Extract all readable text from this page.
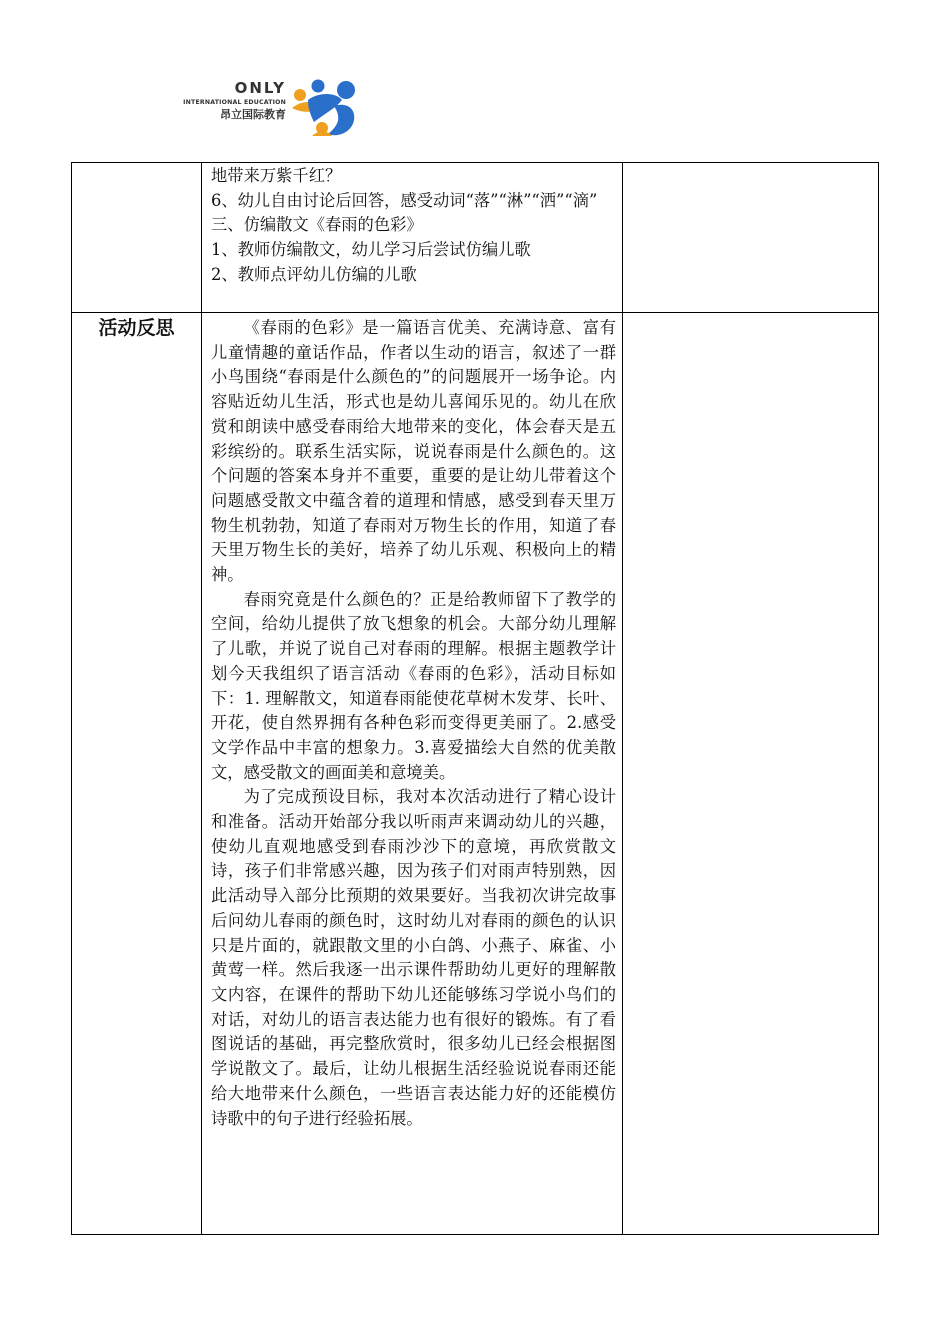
ONLY
INTERNATIONAL EDUCATION
昂立国际教育

	地带来万紫千红？
6、幼儿自由讨论后回答，感受动词“落”“淋”“洒”“滴”
三、仿编散文《春雨的色彩》
1、教师仿编散文，幼儿学习后尝试仿编儿歌
2、教师点评幼儿仿编的儿歌	

活动反思	《春雨的色彩》是一篇语言优美、充满诗意、富有儿童情趣的童话作品，作者以生动的语言，叙述了一群小鸟围绕“春雨是什么颜色的”的问题展开一场争论。内容贴近幼儿生活，形式也是幼儿喜闻乐见的。幼儿在欣赏和朗读中感受春雨给大地带来的变化，体会春天是五彩缤纷的。联系生活实际，说说春雨是什么颜色的。这个问题的答案本身并不重要，重要的是让幼儿带着这个问题感受散文中蕴含着的道理和情感，感受到春天里万物生机勃勃，知道了春雨对万物生长的作用，知道了春天里万物生长的美好，培养了幼儿乐观、积极向上的精神。

春雨究竟是什么颜色的？正是给教师留下了教学的空间，给幼儿提供了放飞想象的机会。大部分幼儿理解了儿歌，并说了说自己对春雨的理解。根据主题教学计划今天我组织了语言活动《春雨的色彩》，活动目标如下：1. 理解散文，知道春雨能使花草树木发芽、长叶、开花，使自然界拥有各种色彩而变得更美丽了。2.感受文学作品中丰富的想象力。3.喜爱描绘大自然的优美散文，感受散文的画面美和意境美。

为了完成预设目标，我对本次活动进行了精心设计和准备。活动开始部分我以听雨声来调动幼儿的兴趣，使幼儿直观地感受到春雨沙沙下的意境，再欣赏散文诗，孩子们非常感兴趣，因为孩子们对雨声特别熟，因此活动导入部分比预期的效果要好。当我初次讲完故事后问幼儿春雨的颜色时，这时幼儿对春雨的颜色的认识只是片面的，就跟散文里的小白鸽、小燕子、麻雀、小黄莺一样。然后我逐一出示课件帮助幼儿更好的理解散文内容，在课件的帮助下幼儿还能够练习学说小鸟们的对话，对幼儿的语言表达能力也有很好的锻炼。有了看图说话的基础，再完整欣赏时，很多幼儿已经会根据图学说散文了。最后，让幼儿根据生活经验说说春雨还能给大地带来什么颜色，一些语言表达能力好的还能模仿诗歌中的句子进行经验拓展。	
